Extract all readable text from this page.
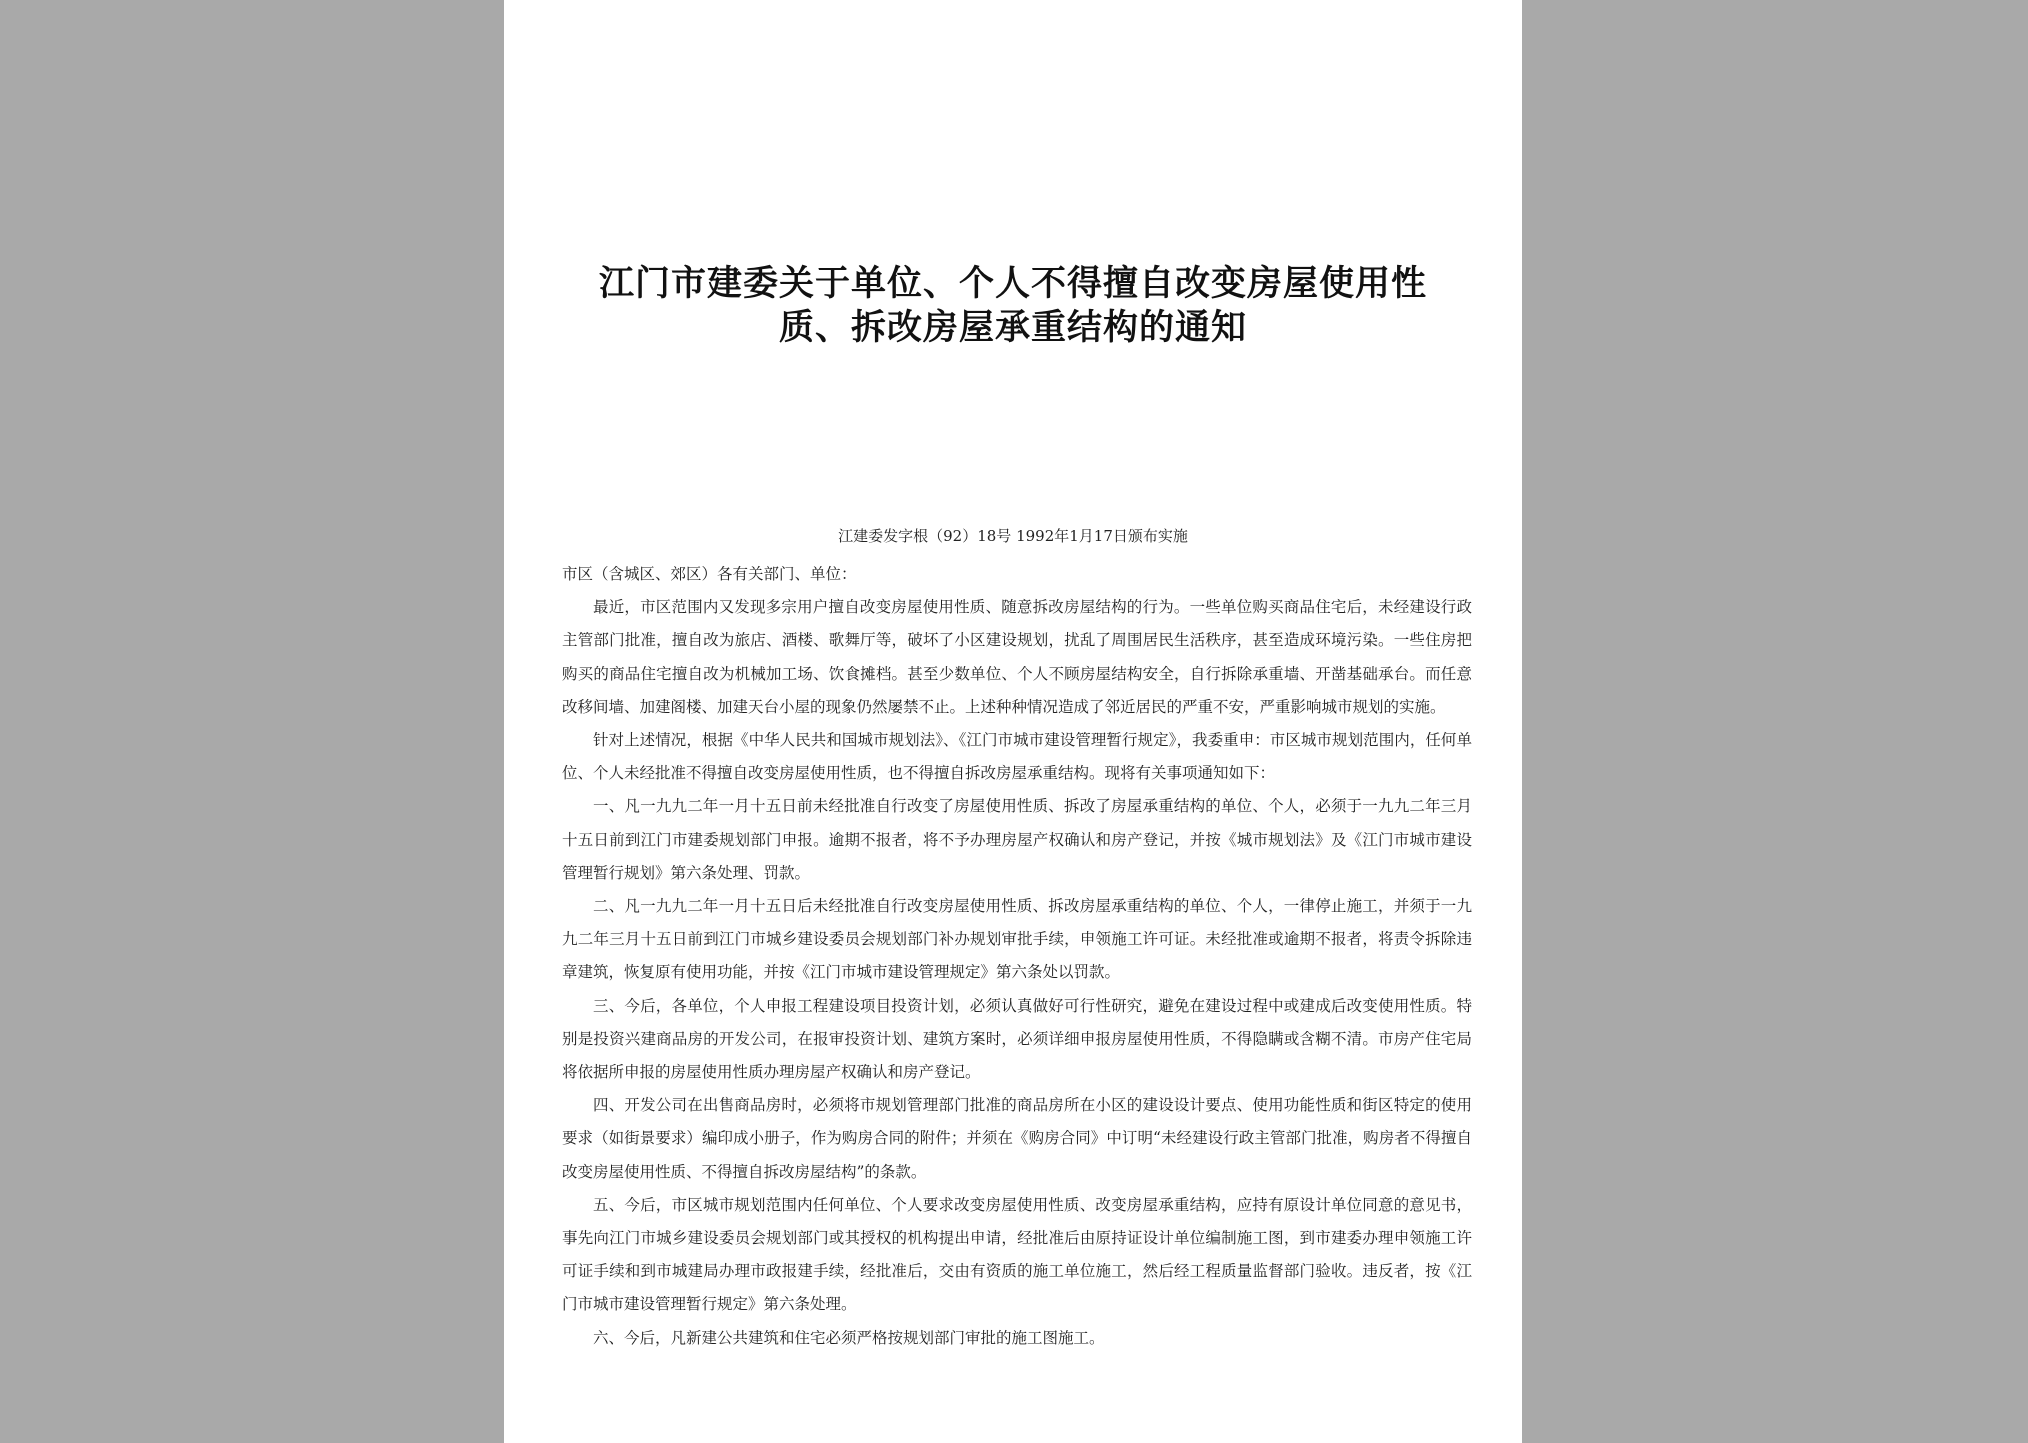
江门市建委关于单位、个人不得擅自改变房屋使用性
质、拆改房屋承重结构的通知
江建委发字根（92）18号 1992年1月17日颁布实施

市区（含城区、郊区）各有关部门、单位：

最近，市区范围内又发现多宗用户擅自改变房屋使用性质、随意拆改房屋结构的行为。一些单位购买商品住宅后，未经建设行政主管部门批准，擅自改为旅店、酒楼、歌舞厅等，破坏了小区建设规划，扰乱了周围居民生活秩序，甚至造成环境污染。一些住房把购买的商品住宅擅自改为机械加工场、饮食摊档。甚至少数单位、个人不顾房屋结构安全，自行拆除承重墙、开凿基础承台。而任意改移间墙、加建阁楼、加建天台小屋的现象仍然屡禁不止。上述种种情况造成了邻近居民的严重不安，严重影响城市规划的实施。

针对上述情况，根据《中华人民共和国城市规划法》、《江门市城市建设管理暂行规定》，我委重申：市区城市规划范围内，任何单位、个人未经批准不得擅自改变房屋使用性质，也不得擅自拆改房屋承重结构。现将有关事项通知如下：

一、凡一九九二年一月十五日前未经批准自行改变了房屋使用性质、拆改了房屋承重结构的单位、个人，必须于一九九二年三月十五日前到江门市建委规划部门申报。逾期不报者，将不予办理房屋产权确认和房产登记，并按《城市规划法》及《江门市城市建设管理暂行规划》第六条处理、罚款。

二、凡一九九二年一月十五日后未经批准自行改变房屋使用性质、拆改房屋承重结构的单位、个人，一律停止施工，并须于一九九二年三月十五日前到江门市城乡建设委员会规划部门补办规划审批手续，申领施工许可证。未经批准或逾期不报者，将责令拆除违章建筑，恢复原有使用功能，并按《江门市城市建设管理规定》第六条处以罚款。

三、今后，各单位，个人申报工程建设项目投资计划，必须认真做好可行性研究，避免在建设过程中或建成后改变使用性质。特别是投资兴建商品房的开发公司，在报审投资计划、建筑方案时，必须详细申报房屋使用性质，不得隐瞒或含糊不清。市房产住宅局将依据所申报的房屋使用性质办理房屋产权确认和房产登记。

四、开发公司在出售商品房时，必须将市规划管理部门批准的商品房所在小区的建设设计要点、使用功能性质和街区特定的使用要求（如街景要求）编印成小册子，作为购房合同的附件；并须在《购房合同》中订明“未经建设行政主管部门批准，购房者不得擅自改变房屋使用性质、不得擅自拆改房屋结构”的条款。

五、今后，市区城市规划范围内任何单位、个人要求改变房屋使用性质、改变房屋承重结构，应持有原设计单位同意的意见书，事先向江门市城乡建设委员会规划部门或其授权的机构提出申请，经批准后由原持证设计单位编制施工图，到市建委办理申领施工许可证手续和到市城建局办理市政报建手续，经批准后，交由有资质的施工单位施工，然后经工程质量监督部门验收。违反者，按《江门市城市建设管理暂行规定》第六条处理。

六、今后，凡新建公共建筑和住宅必须严格按规划部门审批的施工图施工。
